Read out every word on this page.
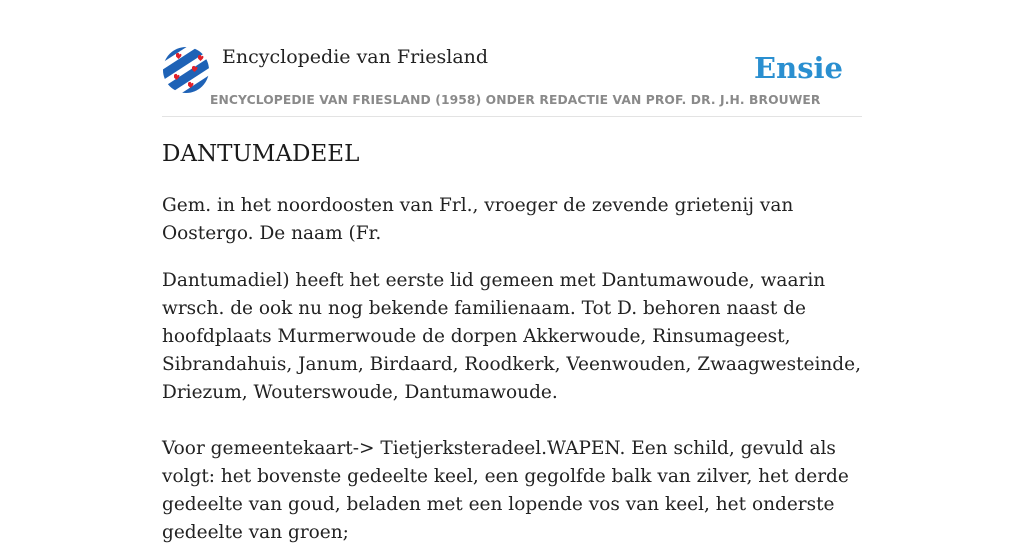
Encyclopedie van Friesland	Ensie
ENCYCLOPEDIE VAN FRIESLAND (1958) ONDER REDACTIE VAN PROF. DR. J.H. BROUWER
DANTUMADEEL

Gem. in het noordoosten van Frl., vroeger de zevende grietenij van Oostergo. De naam (Fr.

Dantumadiel) heeft het eerste lid gemeen met Dantumawoude, waarin wrsch. de ook nu nog bekende familienaam. Tot D. behoren naast de hoofdplaats Murmerwoude de dorpen Akkerwoude, Rinsumageest, Sibrandahuis, Janum, Birdaard, Roodkerk, Veenwouden, Zwaagwesteinde, Driezum, Wouterswoude, Dantumawoude.

Voor gemeentekaart-> Tietjerksteradeel.WAPEN. Een schild, gevuld als volgt: het bovenste gedeelte keel, een gegolfde balk van zilver, het derde gedeelte van goud, beladen met een lopende vos van keel, het onderste gedeelte van groen;
